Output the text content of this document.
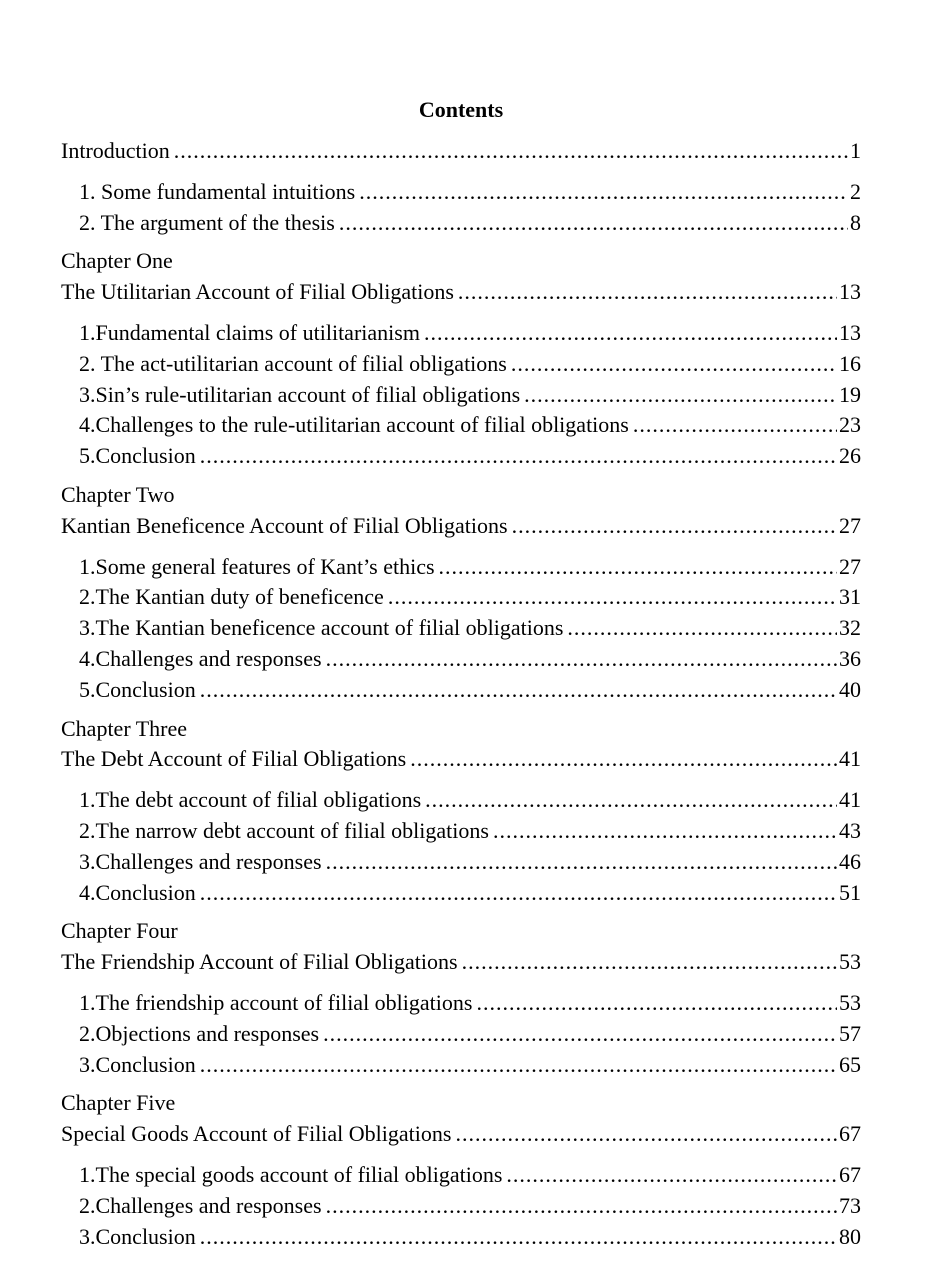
Contents
Introduction .....	1
1. Some fundamental intuitions .....	2
2. The argument of the thesis .....	8
Chapter One
The Utilitarian Account of Filial Obligations .....	13
1.Fundamental claims of utilitarianism .....	13
2. The act-utilitarian account of filial obligations .....	16
3.Sin’s rule-utilitarian account of filial obligations .....	19
4.Challenges to the rule-utilitarian account of filial obligations .....	23
5.Conclusion .....	26
Chapter Two
Kantian Beneficence Account of Filial Obligations .....	27
1.Some general features of Kant’s ethics .....	27
2.The Kantian duty of beneficence .....	31
3.The Kantian beneficence account of filial obligations .....	32
4.Challenges and responses .....	36
5.Conclusion .....	40
Chapter Three
The Debt Account of Filial Obligations .....	41
1.The debt account of filial obligations .....	41
2.The narrow debt account of filial obligations .....	43
3.Challenges and responses .....	46
4.Conclusion .....	51
Chapter Four
The Friendship Account of Filial Obligations .....	53
1.The friendship account of filial obligations .....	53
2.Objections and responses .....	57
3.Conclusion .....	65
Chapter Five
Special Goods Account of Filial Obligations .....	67
1.The special goods account of filial obligations .....	67
2.Challenges and responses .....	73
3.Conclusion .....	80
